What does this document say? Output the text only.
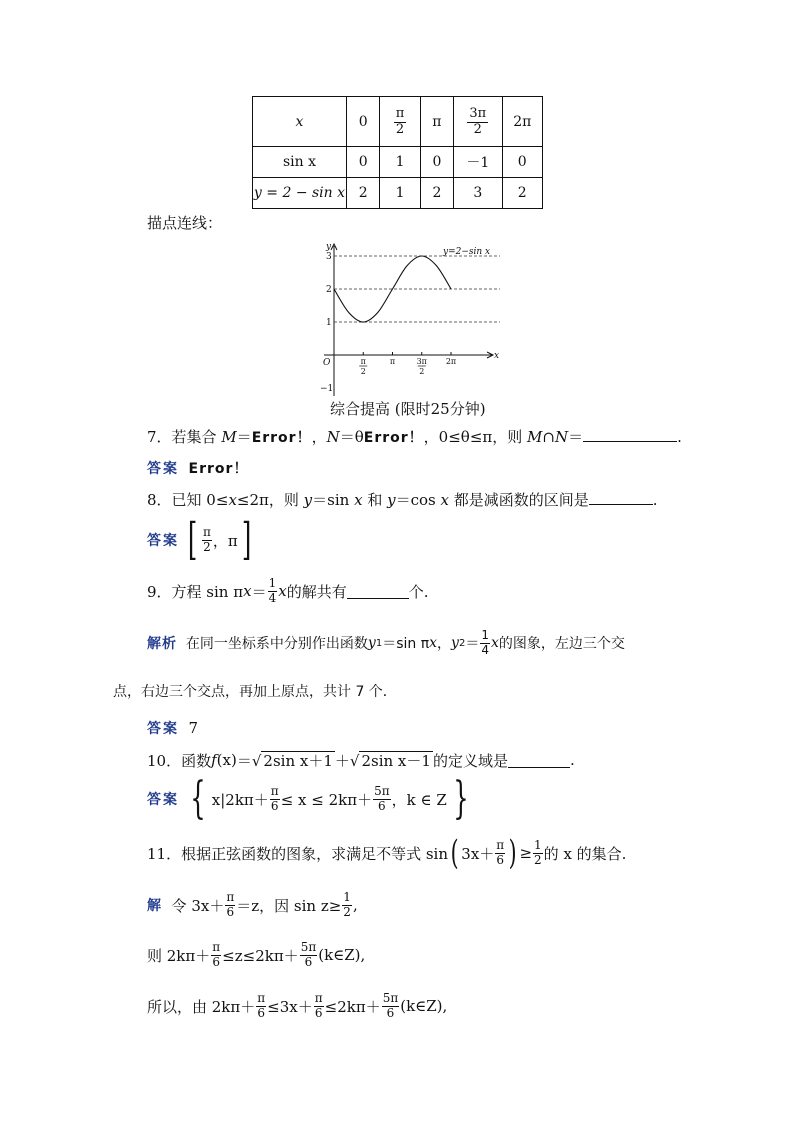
x	0	$\frac{\pi}{2}$	π	$\frac{3\pi}{2}$	2π
sin x	0	1	0	－1	0
y = 2 − sin x	2	1	2	3	2
描点连线：
y
x
3
2
1
O
−1
π
2
π	3π
2
2π
y=2−sin x
综合提高 (限时25分钟)
7．若集合 M＝Error！，N＝θError！，0≤θ≤π，则 M∩N＝	.
答案 Error！
8．已知 0≤x≤2π，则 y＝sin x 和 y＝cos x 都是减函数的区间是	.
答案
[ $\frac{\pi}{2}$ ，π ]
9．方程 sin π $x = \frac{1}{4}$ x 的解共有	个.
解析
在同一坐标系中分别作出函数 y 1 ＝sin π x ， y $2 = \frac{1}{4}$ x 的图象，左边三个交
点，右边三个交点，再加上原点，共计 7 个．
答案 7
10．函数 f (x) ＝ √ 2sin x＋1 ＋ √ 2sin x－1 的定义域是	.
答案
{ $x|2k\pi+ \frac{\pi}{6} \le x \le 2k\pi+ \frac{5\pi}{6}$ ，k ∈ Z }
11．根据正弦函数的图象，求满足不等式 sin ( $3x+ \frac{\pi}{6}$ ) ≥ $\frac{1}{2}$ 的 x 的集合.
解
令 $3x+ \frac{\pi}{6} =z$，因 $\sin z\ge \frac{1}{2}$ ,
则 $2k\pi+ \frac{\pi}{6} \le z\le 2k\pi+ \frac{5\pi}{6}$ (k∈Z),
所以，由 $2k\pi+ \frac{\pi}{6} \le 3x+ \frac{\pi}{6} \le 2k\pi+ \frac{5\pi}{6}$ (k∈Z),
